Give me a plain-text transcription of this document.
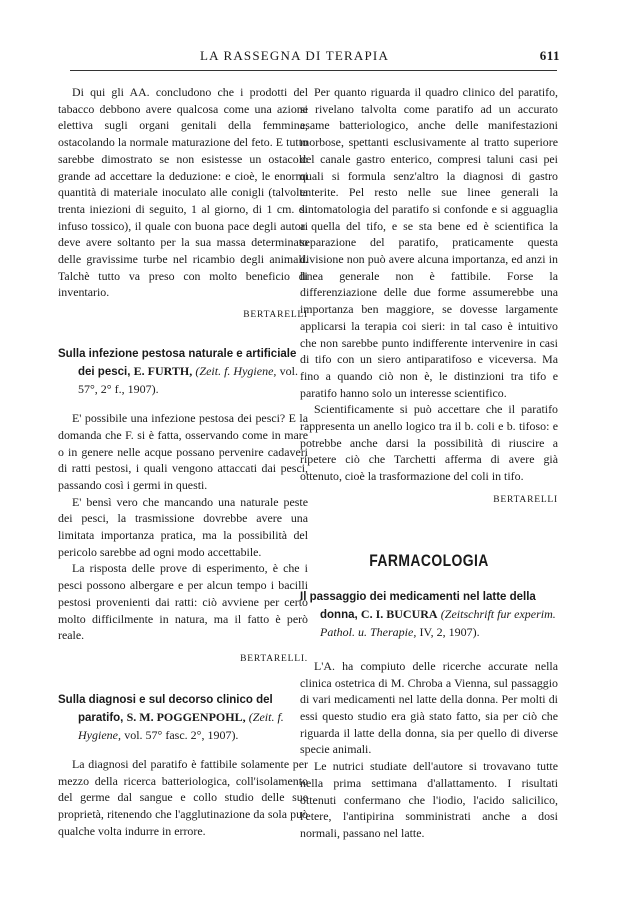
LA RASSEGNA DI TERAPIA	611

Di qui gli AA. concludono che i prodotti del tabacco debbono avere qualcosa come una azione elettiva sugli organi genitali della femmina, ostacolando la normale maturazione del feto. E tutto sarebbe dimostrato se non esistesse un ostacolo grande ad accettare la deduzione: e cioè, le enormi quantità di materiale inoculato alle conigli (talvolta trenta iniezioni di seguito, 1 al giorno, di 1 cm. di infuso tossico), il quale con buona pace degli autori deve avere soltanto per la sua massa determinato delle gravissime turbe nel ricambio degli animali. Talchè tutto va preso con molto beneficio di inventario.

BERTARELLI

Sulla infezione pestosa naturale e artificiale dei pesci, E. FURTH, (Zeit. f. Hygiene, vol. 57°, 2° f., 1907).

E' possibile una infezione pestosa dei pesci? E la domanda che F. si è fatta, osservando come in mare o in genere nelle acque possano pervenire cadaveri di ratti pestosi, i quali vengono attaccati dai pesci, passando così i germi in questi.

E' bensì vero che mancando una naturale peste dei pesci, la trasmissione dovrebbe avere una limitata importanza pratica, ma la possibilità del pericolo sarebbe ad ogni modo accettabile.

La risposta delle prove di esperimento, è che i pesci possono albergare e per alcun tempo i bacilli pestosi provenienti dai ratti: ciò avviene per certo molto difficilmente in natura, ma il fatto è però reale.

BERTARELLI.

Sulla diagnosi e sul decorso clinico del paratifo, S. M. POGGENPOHL, (Zeit. f. Hygiene, vol. 57° fasc. 2°, 1907).

La diagnosi del paratifo è fattibile solamente per mezzo della ricerca batteriologica, coll'isolamento del germe dal sangue e collo studio delle sue proprietà, ritenendo che l'agglutinazione da sola può qualche volta indurre in errore.

Per quanto riguarda il quadro clinico del paratifo, si rivelano talvolta come paratifo ad un accurato esame batteriologico, anche delle manifestazioni morbose, spettanti esclusivamente al tratto superiore del canale gastro enterico, compresi taluni casi pei quali si formula senz'altro la diagnosi di gastro enterite. Pel resto nelle sue linee generali la sintomatologia del paratifo si confonde e si agguaglia a quella del tifo, e se sta bene ed è scientifica la separazione del paratifo, praticamente questa divisione non può avere alcuna importanza, ed anzi in linea generale non è fattibile. Forse la differenziazione delle due forme assumerebbe una importanza ben maggiore, se dovesse largamente applicarsi la terapia coi sieri: in tal caso è intuitivo che non sarebbe punto indifferente intervenire in casi di tifo con un siero antiparatifoso e viceversa. Ma fino a quando ciò non è, le distinzioni tra tifo e paratifo hanno solo un interesse scientifico.

Scientificamente si può accettare che il paratifo rappresenta un anello logico tra il b. coli e b. tifoso: e potrebbe anche darsi la possibilità di riuscire a ripetere ciò che Tarchetti afferma di avere già ottenuto, cioè la trasformazione del coli in tifo.

BERTARELLI

FARMACOLOGIA

Il passaggio dei medicamenti nel latte della donna, C. I. BUCURA (Zeitschrift fur experim. Pathol. u. Therapie, IV, 2, 1907).

L'A. ha compiuto delle ricerche accurate nella clinica ostetrica di M. Chroba a Vienna, sul passaggio di vari medicamenti nel latte della donna. Per molti di essi questo studio era già stato fatto, sia per ciò che riguarda il latte della donna, sia per quello di diverse specie animali.

Le nutrici studiate dell'autore si trovavano tutte nella prima settimana d'allattamento. I risultati ottenuti confermano che l'iodio, l'acido salicilico, l'etere, l'antipirina somministrati anche a dosi normali, passano nel latte.
